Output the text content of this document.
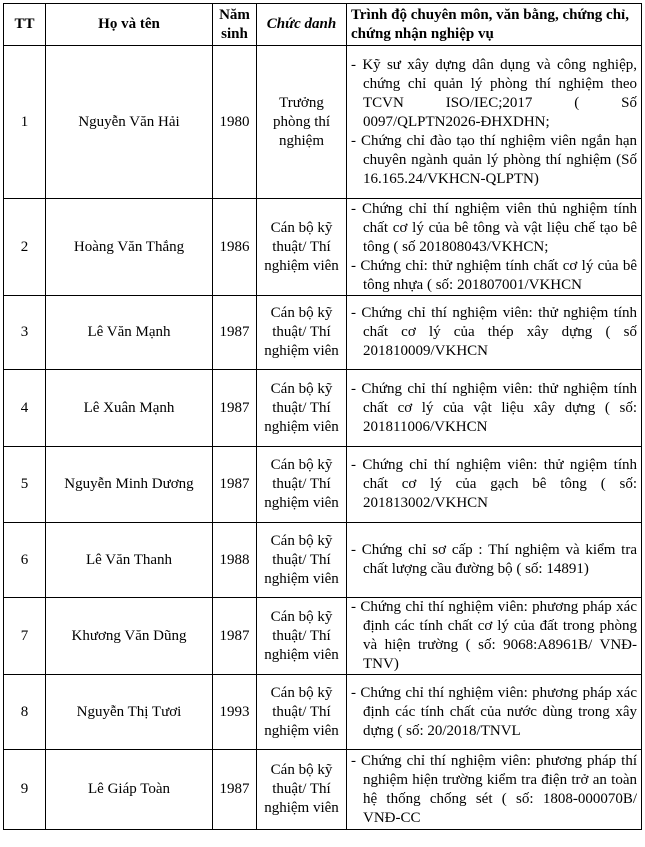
TT	Họ và tên	Năm sinh	Chức danh	Trình độ chuyên môn, văn bằng, chứng chỉ, chứng nhận nghiệp vụ
1	Nguyễn Văn Hải	1980	Trưởng phòng thí nghiệm	- Kỹ sư xây dựng dân dụng và công nghiệp, chứng chỉ quản lý phòng thí nghiệm theo TCVN ISO/IEC;2017 ( Số 0097/QLPTN2026-ĐHXDHN;
- Chứng chỉ đào tạo thí nghiệm viên ngắn hạn chuyên ngành quản lý phòng thí nghiệm (Số 16.165.24/VKHCN-QLPTN)

2	Hoàng Văn Thắng	1986	Cán bộ kỹ thuật/ Thí nghiệm viên	- Chứng chỉ thí nghiệm viên thủ nghiệm tính chất cơ lý của bê tông và vật liệu chế tạo bê tông ( số 201808043/VKHCN;
- Chứng chỉ: thử nghiệm tính chất cơ lý của bê tông nhựa ( số: 201807001/VKHCN

3	Lê Văn Mạnh	1987	Cán bộ kỹ thuật/ Thí nghiệm viên	- Chứng chỉ thí nghiệm viên: thử nghiệm tính chất cơ lý của thép xây dựng ( số 201810009/VKHCN

4	Lê Xuân Mạnh	1987	Cán bộ kỹ thuật/ Thí nghiệm viên	- Chứng chỉ thí nghiệm viên: thử nghiệm tính chất cơ lý của vật liệu xây dựng ( số: 201811006/VKHCN

5	Nguyễn Minh Dương	1987	Cán bộ kỹ thuật/ Thí nghiệm viên	- Chứng chỉ thí nghiệm viên: thử ngiệm tính chất cơ lý của gạch bê tông ( số: 201813002/VKHCN

6	Lê Văn Thanh	1988	Cán bộ kỹ thuật/ Thí nghiệm viên	- Chứng chỉ sơ cấp : Thí nghiệm và kiểm tra chất lượng cầu đường bộ ( số: 14891)

7	Khương Văn Dũng	1987	Cán bộ kỹ thuật/ Thí nghiệm viên	- Chứng chỉ thí nghiệm viên: phương pháp xác định các tính chất cơ lý của đất trong phòng và hiện trường ( số: 9068:A8961B/ VNĐ-TNV)

8	Nguyễn Thị Tươi	1993	Cán bộ kỹ thuật/ Thí nghiệm viên	- Chứng chỉ thí nghiệm viên: phương pháp xác định các tính chất của nước dùng trong xây dựng ( số: 20/2018/TNVL

9	Lê Giáp Toàn	1987	Cán bộ kỹ thuật/ Thí nghiệm viên	- Chứng chỉ thí nghiệm viên: phương pháp thí nghiệm hiện trường kiểm tra điện trở an toàn hệ thống chống sét ( số: 1808-000070B/ VNĐ-CC
